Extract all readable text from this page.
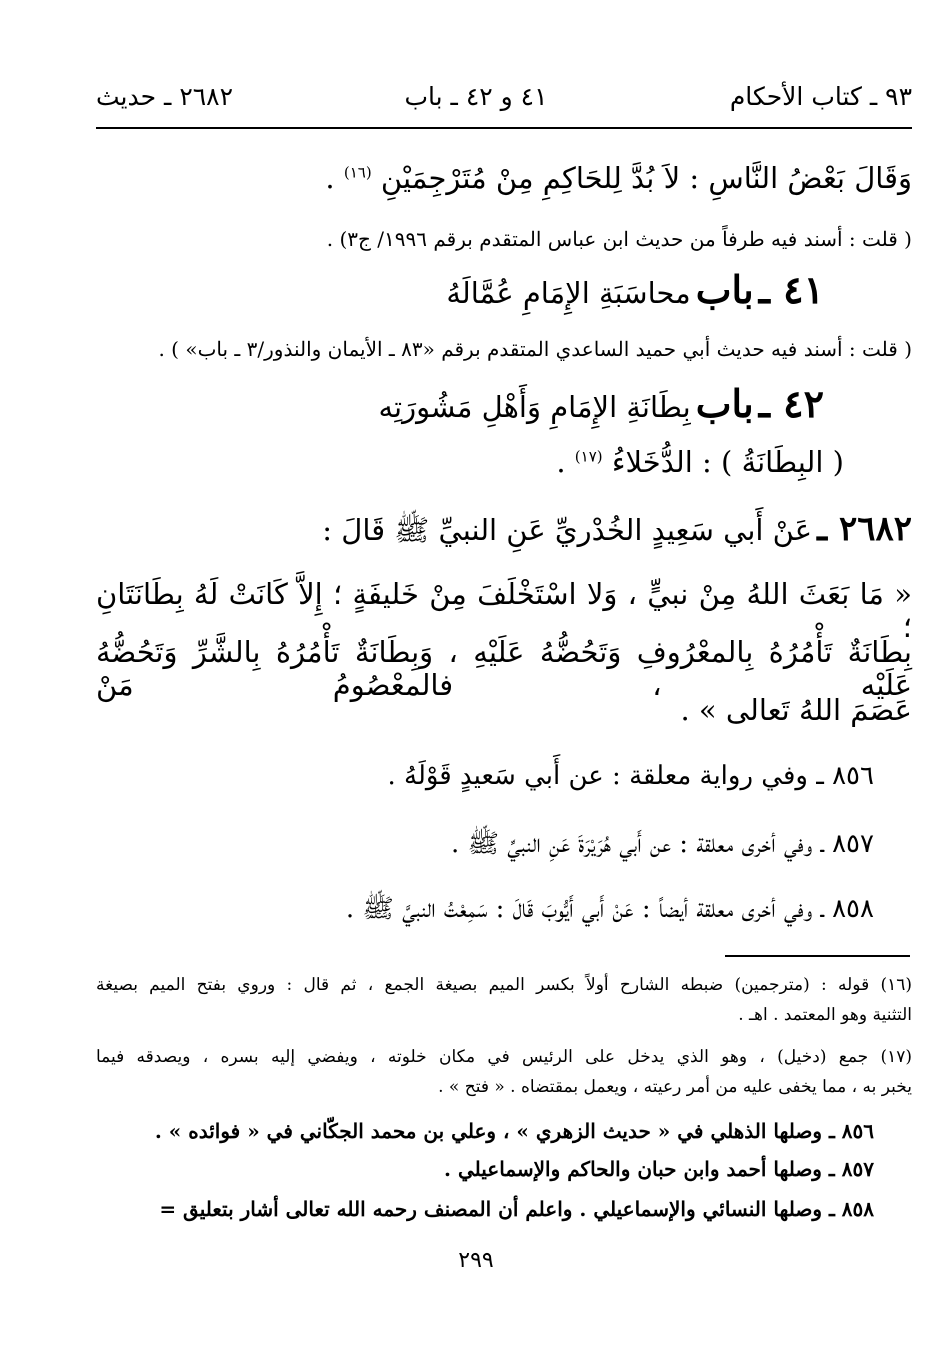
٩٣ ـ كتاب الأحكام
٤١ و ٤٢ ـ باب
٢٦٨٢ ـ حديث
وَقَالَ بَعْضُ النَّاسِ : لاَ بُدَّ لِلحَاكِمِ مِنْ مُتَرْجِمَيْنِ $^{(١٦)}$ .
( قلت : أسند فيه طرفاً من حديث ابن عباس المتقدم برقم ١٩٩٦/ ج٣) .
٤١ ـ باب محاسَبَةِ الإِمَامِ عُمَّالَهُ
( قلت : أسند فيه حديث أبي حميد الساعدي المتقدم برقم «٨٣ ـ الأيمان والنذور/٣ ـ باب» ) .
٤٢ ـ باب بِطَانَةِ الإِمَامِ وَأَهْلِ مَشُورَتِه
( البِطَانَةُ ) : الدُّخَلاءُ $^{(١٧)}$ .
٢٦٨٢ ـ عَنْ أَبي سَعِيدٍ الخُدْريِّ عَنِ النبيِّ ﷺ قَالَ :
« مَا بَعَثَ اللهُ مِنْ نبيٍّ ، وَلا اسْتَخْلَفَ مِنْ خَليفَةٍ ؛ إِلاَّ كَانَتْ لَهُ بِطَانَتَانِ ؛
بِطَانَةٌ تَأْمُرُهُ بِالمعْرُوفِ وَتَحُضُّهُ عَلَيْهِ ، وَبِطَانَةٌ تَأْمُرُهُ بِالشَّرِّ وَتَحُضُّهُ عَلَيْه ، فالمعْصُومُ مَنْ
عَصَمَ اللهُ تَعالى » .
٨٥٦ ـ وفي رواية معلقة : عن أَبي سَعيدٍ قَوْلَهُ .
٨٥٧ ـ وفي أخرى معلقة : عن أَبي هُرَيْرَةَ عَنِ النبيِّ ﷺ .
٨٥٨ ـ وفي أخرى معلقة أيضاً : عَنْ أَبي أَيُّوبَ قَالَ : سَمِعْتُ النبيَّ ﷺ .
(١٦) قوله : (مترجمين) ضبطه الشارح أولاً بكسر الميم بصيغة الجمع ، ثم قال : وروي بفتح الميم بصيغة
التثنية وهو المعتمد . اهـ .
(١٧) جمع (دخيل) ، وهو الذي يدخل على الرئيس في مكان خلوته ، ويفضي إليه بسره ، ويصدقه فيما
يخبر به ، مما يخفى عليه من أمر رعيته ، ويعمل بمقتضاه . « فتح » .
٨٥٦ ـ وصلها الذهلي في « حديث الزهري » ، وعلي بن محمد الجكّاني في « فوائده » .
٨٥٧ ـ وصلها أحمد وابن حبان والحاكم والإسماعيلي .
٨٥٨ ـ وصلها النسائي والإسماعيلي . واعلم أن المصنف رحمه الله تعالى أشار بتعليق =
٢٩٩
